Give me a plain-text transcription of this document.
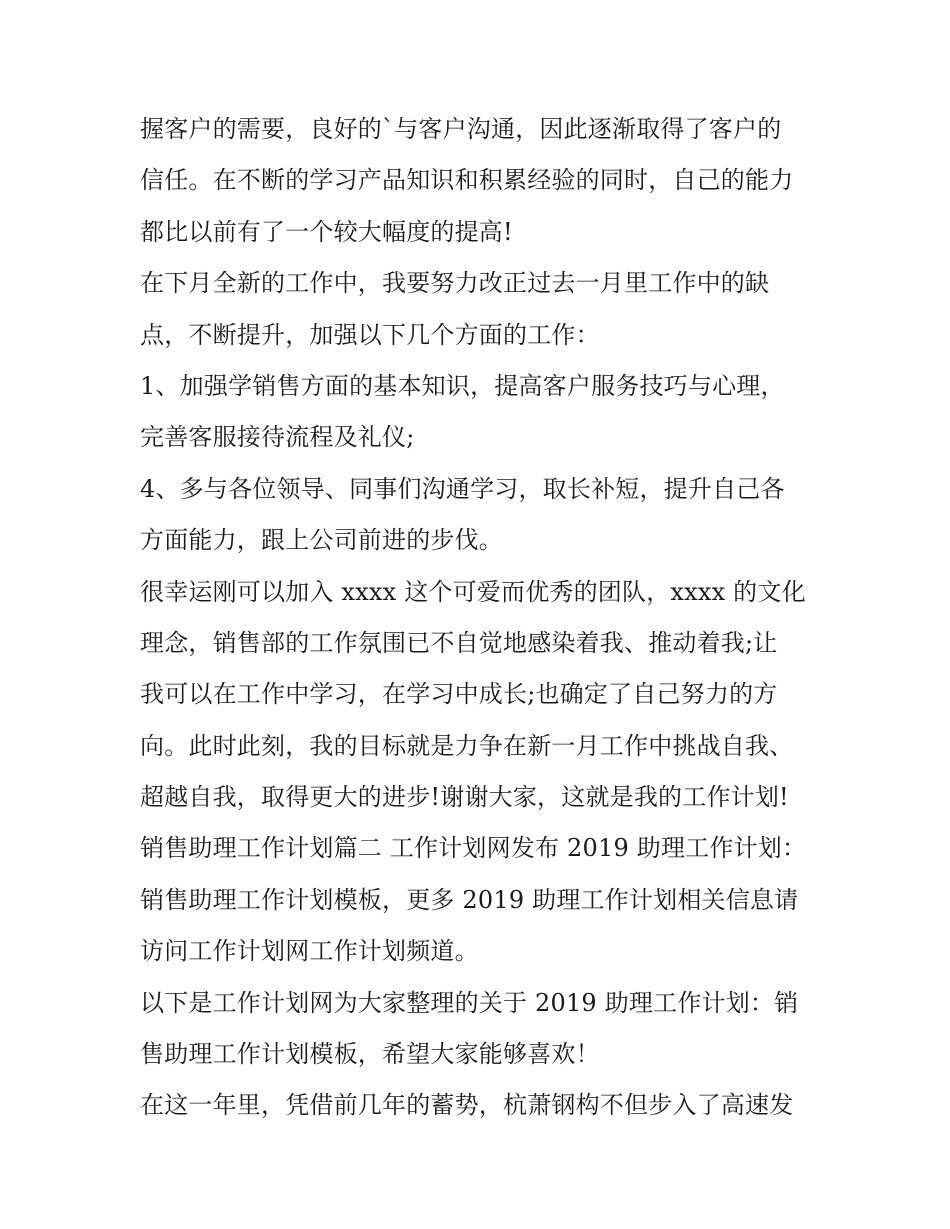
握客户的需要，良好的`与客户沟通，因此逐渐取得了客户的
信任。在不断的学习产品知识和积累经验的同时，自己的能力
都比以前有了一个较大幅度的提高!
在下月全新的工作中，我要努力改正过去一月里工作中的缺
点，不断提升，加强以下几个方面的工作：
1、加强学销售方面的基本知识，提高客户服务技巧与心理，
完善客服接待流程及礼仪;
4、多与各位领导、同事们沟通学习，取长补短，提升自己各
方面能力，跟上公司前进的步伐。
很幸运刚可以加入 xxxx 这个可爱而优秀的团队，xxxx 的文化
理念，销售部的工作氛围已不自觉地感染着我、推动着我;让
我可以在工作中学习，在学习中成长;也确定了自己努力的方
向。此时此刻，我的目标就是力争在新一月工作中挑战自我、
超越自我，取得更大的进步!谢谢大家，这就是我的工作计划!
销售助理工作计划篇二 工作计划网发布 2019 助理工作计划：
销售助理工作计划模板，更多 2019 助理工作计划相关信息请
访问工作计划网工作计划频道。
以下是工作计划网为大家整理的关于 2019 助理工作计划：销
售助理工作计划模板，希望大家能够喜欢！
在这一年里，凭借前几年的蓄势，杭萧钢构不但步入了高速发
